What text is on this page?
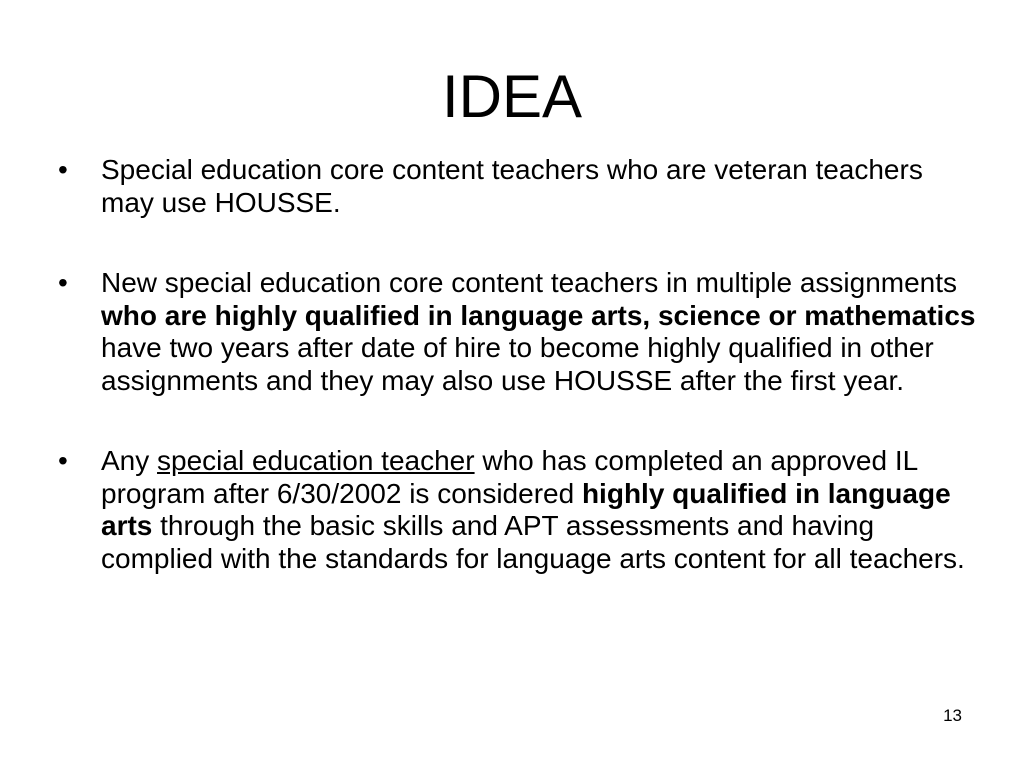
IDEA
• Special education core content teachers who are veteran teachers may use HOUSSE.
• New special education core content teachers in multiple assignments who are highly qualified in language arts, science or mathematics have two years after date of hire to become highly qualified in other assignments and they may also use HOUSSE after the first year.
• Any special education teacher who has completed an approved IL program after 6/30/2002 is considered highly qualified in language arts through the basic skills and APT assessments and having complied with the standards for language arts content for all teachers.
13
